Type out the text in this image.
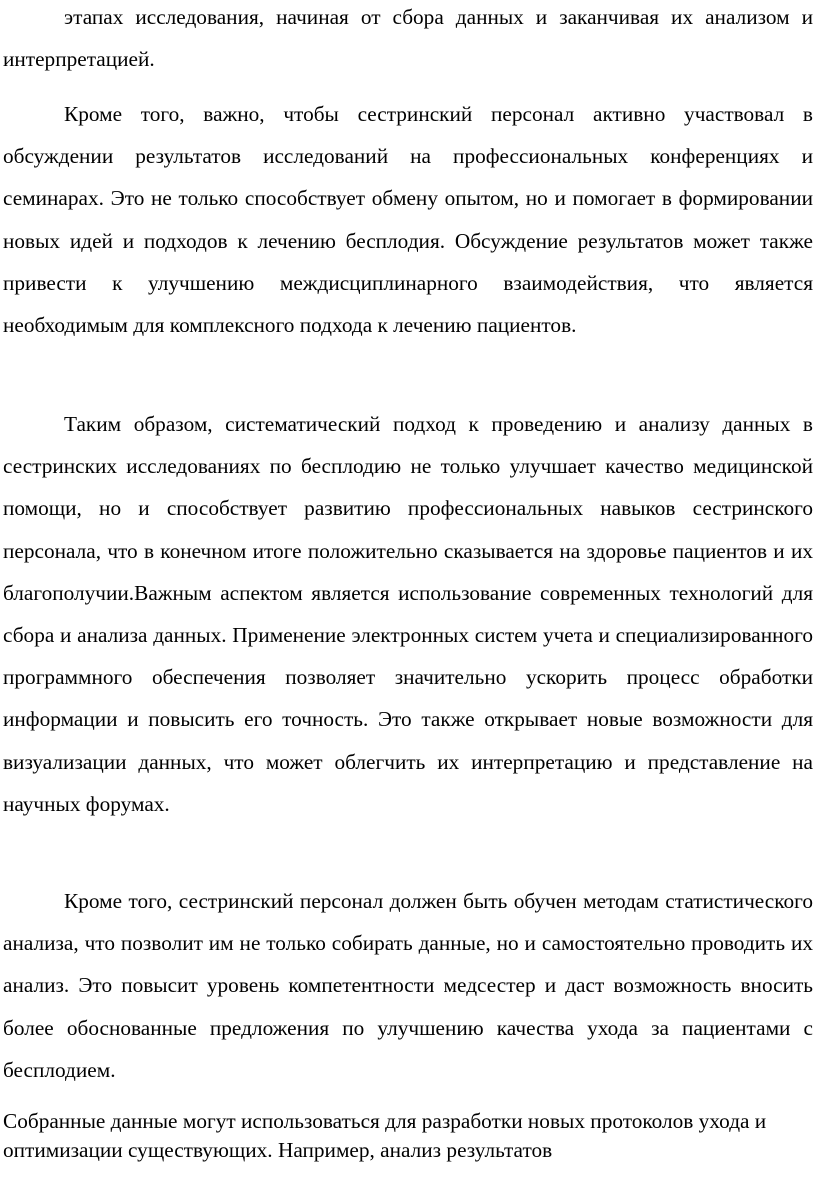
этапах исследования, начиная от сбора данных и заканчивая их анализом и интерпретацией.

Кроме того, важно, чтобы сестринский персонал активно участвовал в обсуждении результатов исследований на профессиональных конференциях и семинарах. Это не только способствует обмену опытом, но и помогает в формировании новых идей и подходов к лечению бесплодия. Обсуждение результатов может также привести к улучшению междисциплинарного взаимодействия, что является необходимым для комплексного подхода к лечению пациентов.

Таким образом, систематический подход к проведению и анализу данных в сестринских исследованиях по бесплодию не только улучшает качество медицинской помощи, но и способствует развитию профессиональных навыков сестринского персонала, что в конечном итоге положительно сказывается на здоровье пациентов и их благополучии.Важным аспектом является использование современных технологий для сбора и анализа данных. Применение электронных систем учета и специализированного программного обеспечения позволяет значительно ускорить процесс обработки информации и повысить его точность. Это также открывает новые возможности для визуализации данных, что может облегчить их интерпретацию и представление на научных форумах.

Кроме того, сестринский персонал должен быть обучен методам статистического анализа, что позволит им не только собирать данные, но и самостоятельно проводить их анализ. Это повысит уровень компетентности медсестер и даст возможность вносить более обоснованные предложения по улучшению качества ухода за пациентами с бесплодием.

Собранные данные могут использоваться для разработки новых протоколов ухода и оптимизации существующих. Например, анализ результатов
